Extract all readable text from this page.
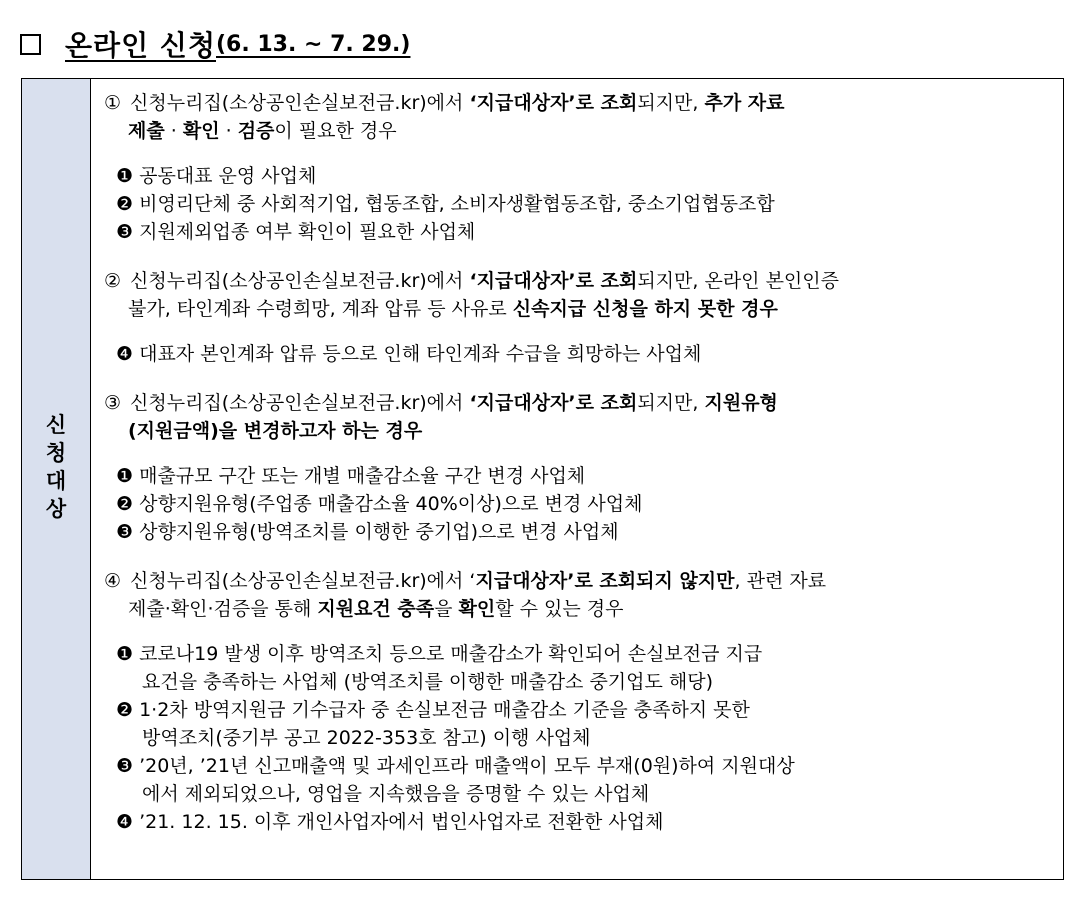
온라인 신청 (6. 13. ~ 7. 29.)
신
청
대
상
① 신청누리집(소상공인손실보전금.kr)에서 ‘지급대상자’로 조회되지만, 추가 자료
제출 · 확인 · 검증이 필요한 경우
❶ 공동대표 운영 사업체
❷ 비영리단체 중 사회적기업, 협동조합, 소비자생활협동조합, 중소기업협동조합
❸ 지원제외업종 여부 확인이 필요한 사업체
② 신청누리집(소상공인손실보전금.kr)에서 ‘지급대상자’로 조회되지만, 온라인 본인인증
불가, 타인계좌 수령희망, 계좌 압류 등 사유로 신속지급 신청을 하지 못한 경우
❹ 대표자 본인계좌 압류 등으로 인해 타인계좌 수급을 희망하는 사업체
③ 신청누리집(소상공인손실보전금.kr)에서 ‘지급대상자’로 조회되지만, 지원유형
(지원금액)을 변경하고자 하는 경우
❶ 매출규모 구간 또는 개별 매출감소율 구간 변경 사업체
❷ 상향지원유형(주업종 매출감소율 40%이상)으로 변경 사업체
❸ 상향지원유형(방역조치를 이행한 중기업)으로 변경 사업체
④ 신청누리집(소상공인손실보전금.kr)에서 ‘지급대상자’로 조회되지 않지만, 관련 자료
제출·확인·검증을 통해 지원요건 충족을 확인할 수 있는 경우
❶ 코로나19 발생 이후 방역조치 등으로 매출감소가 확인되어 손실보전금 지급
요건을 충족하는 사업체 (방역조치를 이행한 매출감소 중기업도 해당)
❷ 1·2차 방역지원금 기수급자 중 손실보전금 매출감소 기준을 충족하지 못한
방역조치(중기부 공고 2022-353호 참고) 이행 사업체
❸ ’20년, ’21년 신고매출액 및 과세인프라 매출액이 모두 부재(0원)하여 지원대상
에서 제외되었으나, 영업을 지속했음을 증명할 수 있는 사업체
❹ ’21. 12. 15. 이후 개인사업자에서 법인사업자로 전환한 사업체
